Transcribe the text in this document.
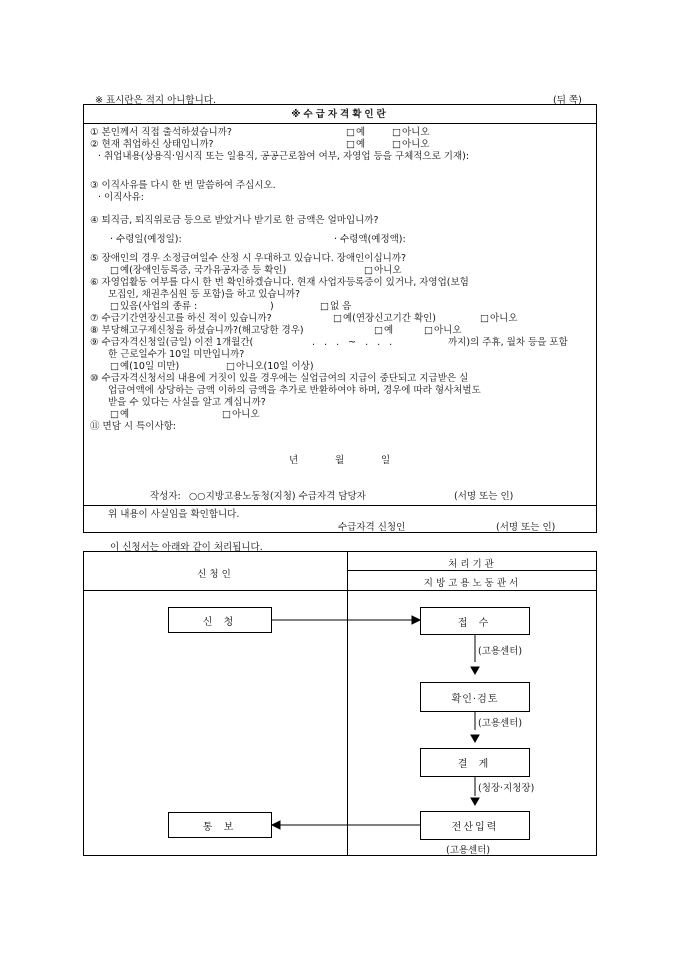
※ 표시란은 적지 아니합니다.	(뒤 쪽)
※수급자격확인란
① 본인께서 직접 출석하셨습니까?	□ 예	□ 아니오
② 현재 취업하신 상태입니까?	□ 예	□ 아니오
· 취업내용(상용직·임시직 또는 일용직, 공공근로참여 여부, 자영업 등을 구체적으로 기재):
③ 이직사유를 다시 한 번 말씀하여 주십시오.
· 이직사유:
④ 퇴직금, 퇴직위로금 등으로 받았거나 받기로 한 금액은 얼마입니까?
· 수령일(예정일):	· 수령액(예정액):
⑤ 장애인의 경우 소정급여일수 산정 시 우대하고 있습니다. 장애인이십니까?
□ 예(장애인등록증, 국가유공자증 등 확인)	□ 아니오
⑥ 자영업활동 여부를 다시 한 번 확인하겠습니다. 현재 사업자등록증이 있거나, 자영업(보험
모집인, 채권추심원 등 포함)을 하고 있습니까?
□ 있음(사업의 종류 :	)	□ 없 음
⑦ 수급기간연장신고를 하신 적이 있습니까?	□ 예(연장신고기간 확인)	□ 아니오
⑧ 부당해고구제신청을 하셨습니까?(해고당한 경우)	□ 예	□ 아니오
⑨ 수급자격신청일(금일) 이전 1개월간(	. . . ~ . . .	까지)의 주휴, 월차 등을 포함
한 근로일수가 10일 미만입니까?
□ 예(10일 미만)	□ 아니오(10일 이상)
⑩ 수급자격신청서의 내용에 거짓이 있을 경우에는 실업급여의 지급이 중단되고 지급받은 실
업급여액에 상당하는 금액 이하의 금액을 추가로 반환하여야 하며, 경우에 따라 형사처벌도
받을 수 있다는 사실을 알고 계십니까?
□ 예	□ 아니오
⑪ 면담 시 특이사항:
년	월	일
작성자: ○○지방고용노동청(지청) 수급자격 담당자	(서명 또는 인)
위 내용이 사실임을 확인합니다.
수급자격 신청인	(서명 또는 인)
이 신청서는 아래와 같이 처리됩니다.
신청인
처리기관
지방고용노동관서
신 청	접 수
확인·검토
결 게
전산입력
통 보
(고용센터)
(고용센터)
(청장·지청장)
(고용센터)
